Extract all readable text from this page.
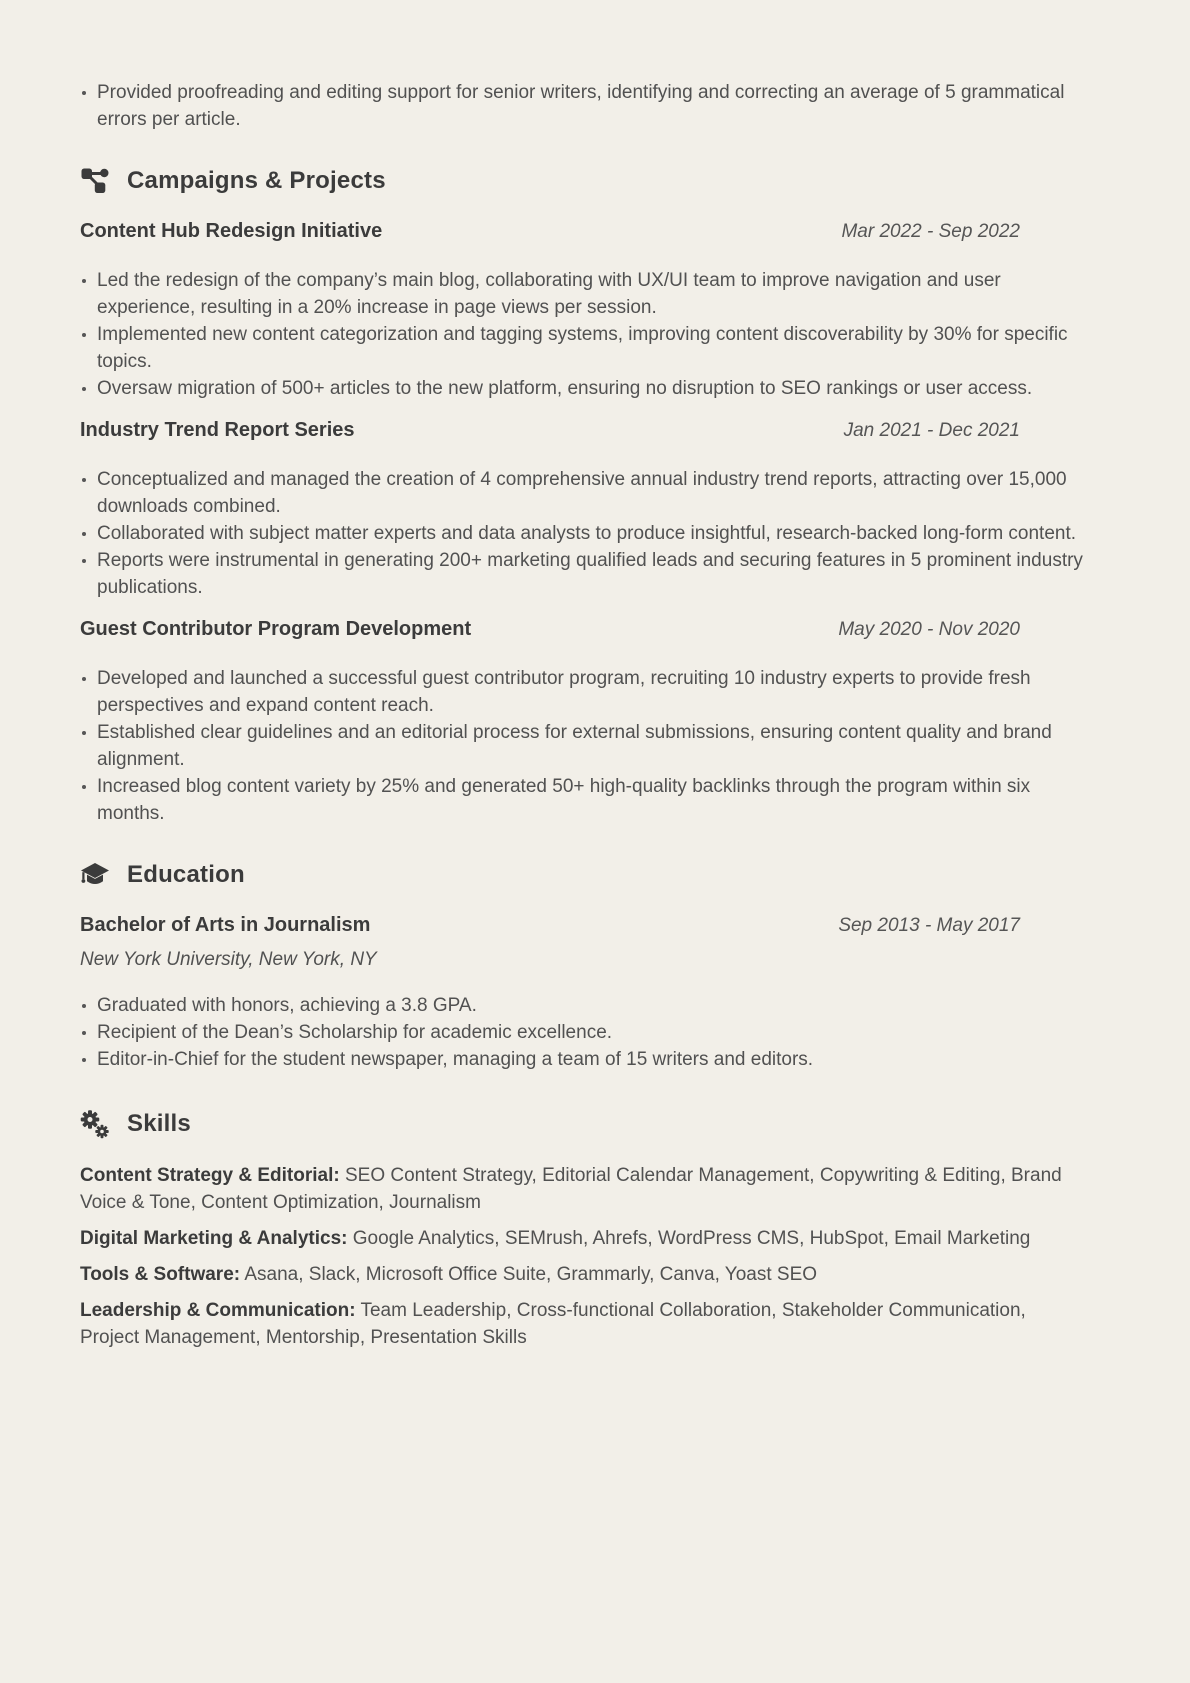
Provided proofreading and editing support for senior writers, identifying and correcting an average of 5 grammatical errors per article.
Campaigns & Projects
Content Hub Redesign Initiative	Mar 2022 - Sep 2022
Led the redesign of the company’s main blog, collaborating with UX/UI team to improve navigation and user experience, resulting in a 20% increase in page views per session.
Implemented new content categorization and tagging systems, improving content discoverability by 30% for specific topics.
Oversaw migration of 500+ articles to the new platform, ensuring no disruption to SEO rankings or user access.
Industry Trend Report Series	Jan 2021 - Dec 2021
Conceptualized and managed the creation of 4 comprehensive annual industry trend reports, attracting over 15,000 downloads combined.
Collaborated with subject matter experts and data analysts to produce insightful, research-backed long-form content.
Reports were instrumental in generating 200+ marketing qualified leads and securing features in 5 prominent industry publications.
Guest Contributor Program Development	May 2020 - Nov 2020
Developed and launched a successful guest contributor program, recruiting 10 industry experts to provide fresh perspectives and expand content reach.
Established clear guidelines and an editorial process for external submissions, ensuring content quality and brand alignment.
Increased blog content variety by 25% and generated 50+ high-quality backlinks through the program within six months.
Education
Bachelor of Arts in Journalism	Sep 2013 - May 2017
New York University, New York, NY
Graduated with honors, achieving a 3.8 GPA.
Recipient of the Dean’s Scholarship for academic excellence.
Editor-in-Chief for the student newspaper, managing a team of 15 writers and editors.
Skills

Content Strategy & Editorial: SEO Content Strategy, Editorial Calendar Management, Copywriting & Editing, Brand Voice & Tone, Content Optimization, Journalism

Digital Marketing & Analytics: Google Analytics, SEMrush, Ahrefs, WordPress CMS, HubSpot, Email Marketing

Tools & Software: Asana, Slack, Microsoft Office Suite, Grammarly, Canva, Yoast SEO

Leadership & Communication: Team Leadership, Cross-functional Collaboration, Stakeholder Communication, Project Management, Mentorship, Presentation Skills
